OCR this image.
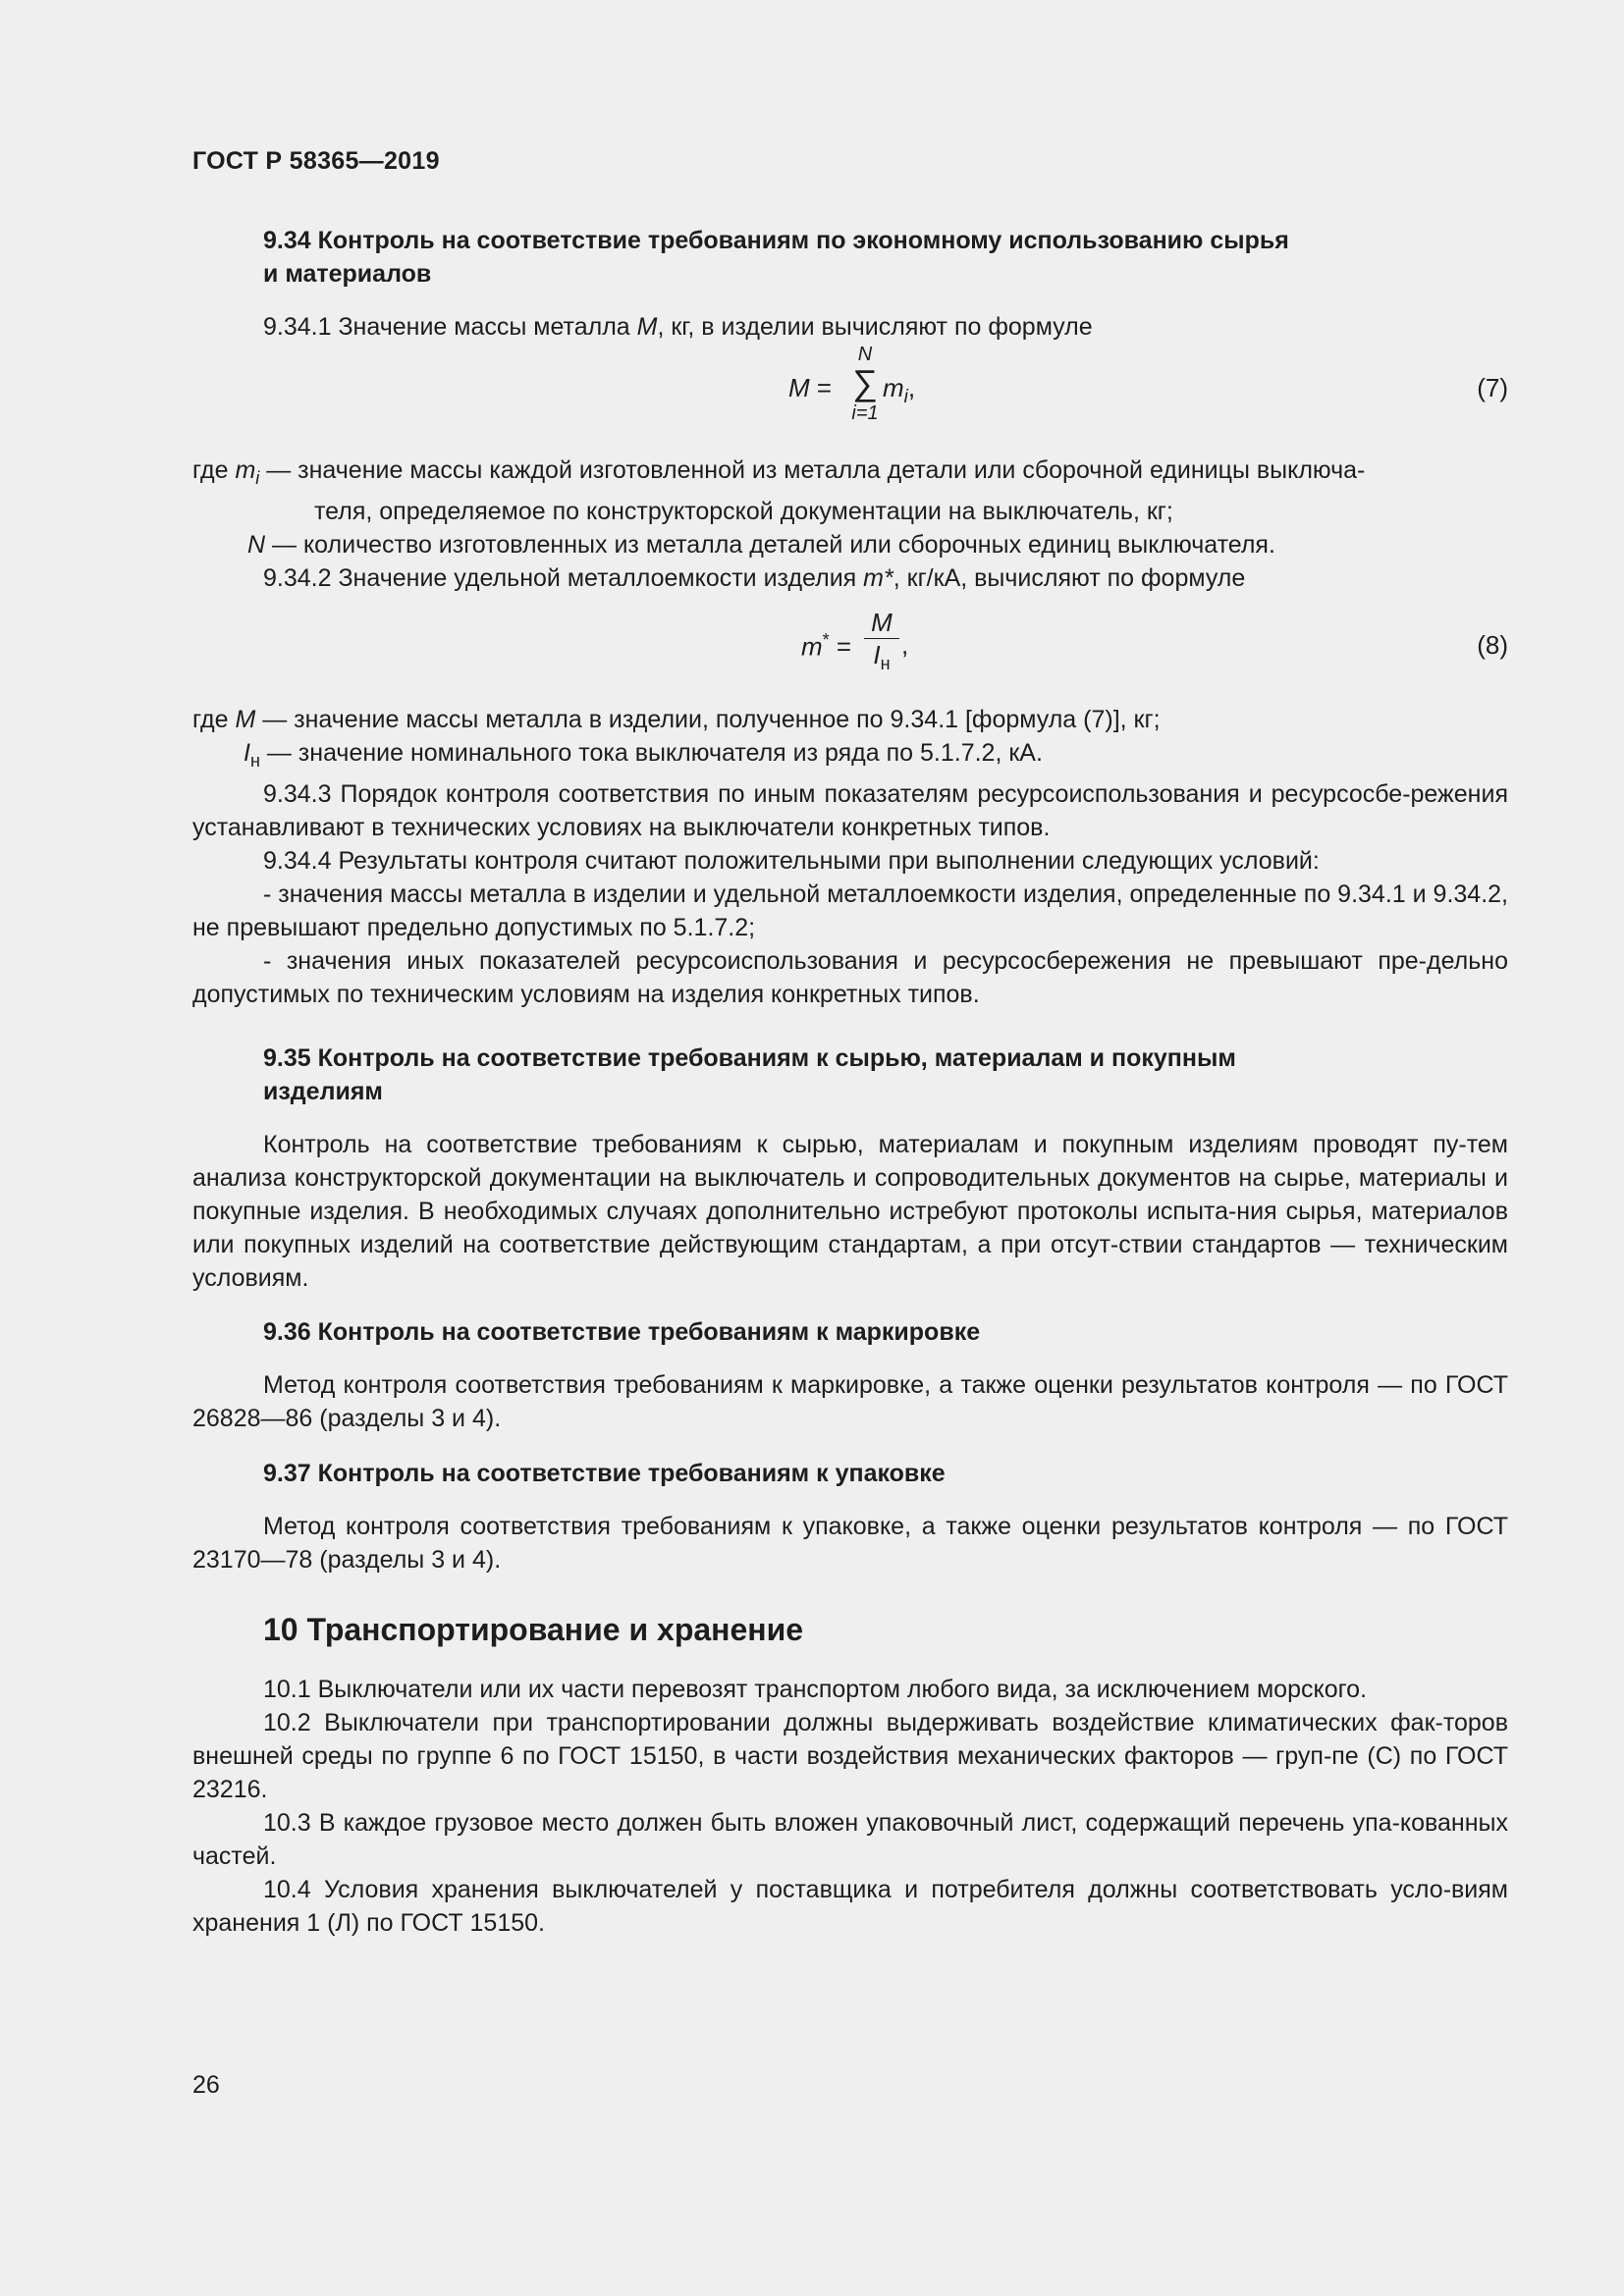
ГОСТ Р 58365—2019

9.34 Контроль на соответствие требованиям по экономному использованию сырья

и материалов

9.34.1 Значение массы металла M, кг, в изделии вычисляют по формуле

M =
N
∑
i=1
$m_i$,	(7)
где $m_i$ — значение массы каждой изготовленной из металла детали или сборочной единицы выключа-
теля, определяемое по конструкторской документации на выключатель, кг;
N — количество изготовленных из металла деталей или сборочных единиц выключателя.

9.34.2 Значение удельной металлоемкости изделия m*, кг/кА, вычисляют по формуле

m* =
M
$I_н$
,	(8)
где M — значение массы металла в изделии, полученное по 9.34.1 [формула (7)], кг;
$I_н$ — значение номинального тока выключателя из ряда по 5.1.7.2, кА.

9.34.3 Порядок контроля соответствия по иным показателям ресурсоиспользования и ресурсосбе-режения устанавливают в технических условиях на выключатели конкретных типов.

9.34.4 Результаты контроля считают положительными при выполнении следующих условий:

- значения массы металла в изделии и удельной металлоемкости изделия, определенные по 9.34.1 и 9.34.2, не превышают предельно допустимых по 5.1.7.2;

- значения иных показателей ресурсоиспользования и ресурсосбережения не превышают пре-дельно допустимых по техническим условиям на изделия конкретных типов.

9.35 Контроль на соответствие требованиям к сырью, материалам и покупным

изделиям

Контроль на соответствие требованиям к сырью, материалам и покупным изделиям проводят пу-тем анализа конструкторской документации на выключатель и сопроводительных документов на сырье, материалы и покупные изделия. В необходимых случаях дополнительно истребуют протоколы испыта-ния сырья, материалов или покупных изделий на соответствие действующим стандартам, а при отсут-ствии стандартов — техническим условиям.

9.36 Контроль на соответствие требованиям к маркировке

Метод контроля соответствия требованиям к маркировке, а также оценки результатов контроля — по ГОСТ 26828—86 (разделы 3 и 4).

9.37 Контроль на соответствие требованиям к упаковке

Метод контроля соответствия требованиям к упаковке, а также оценки результатов контроля — по ГОСТ 23170—78 (разделы 3 и 4).

10 Транспортирование и хранение

10.1 Выключатели или их части перевозят транспортом любого вида, за исключением морского.

10.2 Выключатели при транспортировании должны выдерживать воздействие климатических фак-торов внешней среды по группе 6 по ГОСТ 15150, в части воздействия механических факторов — груп-пе (С) по ГОСТ 23216.

10.3 В каждое грузовое место должен быть вложен упаковочный лист, содержащий перечень упа-кованных частей.

10.4 Условия хранения выключателей у поставщика и потребителя должны соответствовать усло-виям хранения 1 (Л) по ГОСТ 15150.

26
